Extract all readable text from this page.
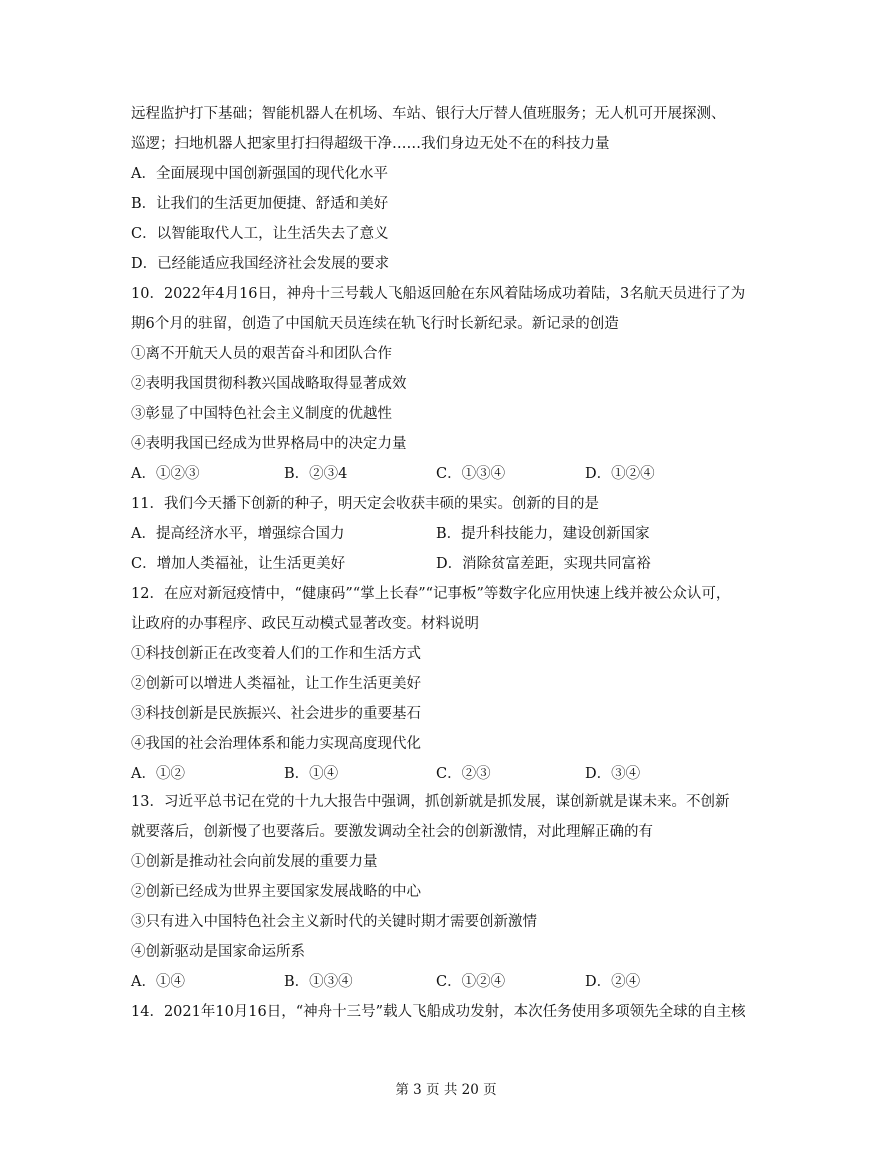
远程监护打下基础；智能机器人在机场、车站、银行大厅替人值班服务；无人机可开展探测、
巡逻；扫地机器人把家里打扫得超级干净……我们身边无处不在的科技力量
A．全面展现中国创新强国的现代化水平
B．让我们的生活更加便捷、舒适和美好
C．以智能取代人工，让生活失去了意义
D．已经能适应我国经济社会发展的要求
10．2022年4月16日，神舟十三号载人飞船返回舱在东风着陆场成功着陆，3名航天员进行了为
期6个月的驻留，创造了中国航天员连续在轨飞行时长新纪录。新记录的创造
①离不开航天人员的艰苦奋斗和团队合作
②表明我国贯彻科教兴国战略取得显著成效
③彰显了中国特色社会主义制度的优越性
④表明我国已经成为世界格局中的决定力量
A．①②③	B．②③4	C．①③④	D．①②④
11．我们今天播下创新的种子，明天定会收获丰硕的果实。创新的目的是
A．提高经济水平，增强综合国力	B．提升科技能力，建设创新国家
C．增加人类福祉，让生活更美好	D．消除贫富差距，实现共同富裕
12．在应对新冠疫情中，“健康码”“掌上长春”“记事板”等数字化应用快速上线并被公众认可，
让政府的办事程序、政民互动模式显著改变。材料说明
①科技创新正在改变着人们的工作和生活方式
②创新可以增进人类福祉，让工作生活更美好
③科技创新是民族振兴、社会进步的重要基石
④我国的社会治理体系和能力实现高度现代化
A．①②	B．①④	C．②③	D．③④
13．习近平总书记在党的十九大报告中强调，抓创新就是抓发展，谋创新就是谋未来。不创新
就要落后，创新慢了也要落后。要激发调动全社会的创新激情，对此理解正确的有
①创新是推动社会向前发展的重要力量
②创新已经成为世界主要国家发展战略的中心
③只有进入中国特色社会主义新时代的关键时期才需要创新激情
④创新驱动是国家命运所系
A．①④	B．①③④	C．①②④	D．②④
14．2021年10月16日，“神舟十三号”载人飞船成功发射，本次任务使用多项领先全球的自主核
第 3 页 共 20 页
